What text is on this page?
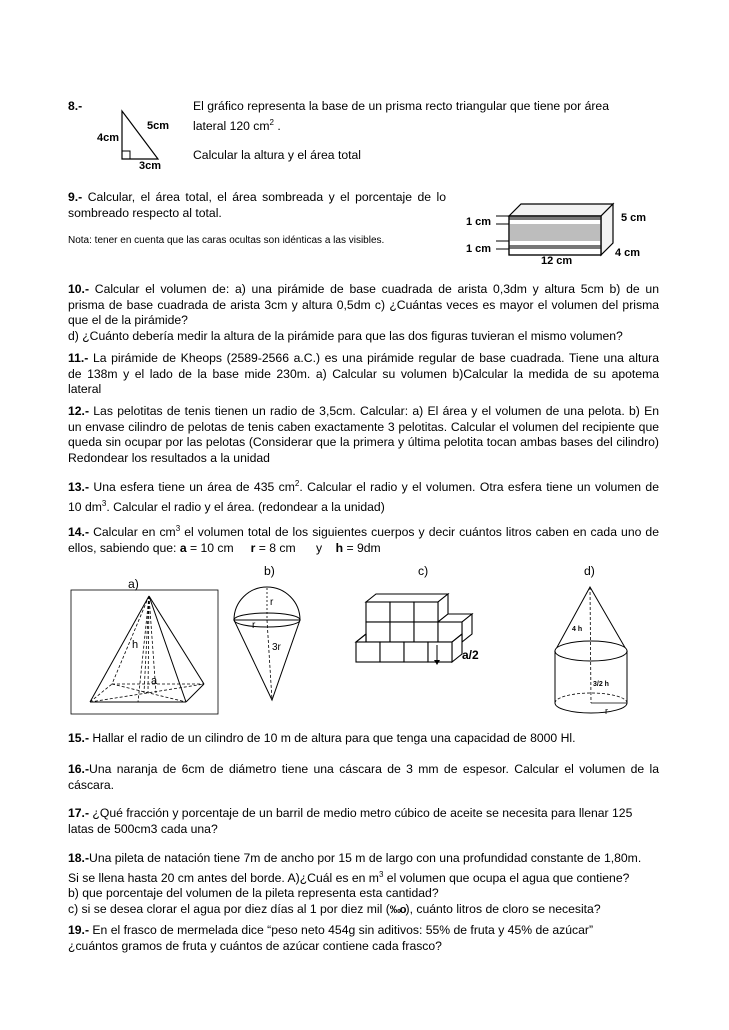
8.-
5cm
4cm
3cm
El gráfico representa la base de un prisma recto triangular que tiene por área
lateral 120 $cm^2$ .
Calcular la altura y el área total
9.- Calcular, el área total, el área sombreada y el porcentaje de lo
sombreado respecto al total.
Nota: tener en cuenta que las caras ocultas son idénticas a las visibles.
1 cm	5 cm
1 cm	4 cm
12 cm
10.- Calcular el volumen de: a) una pirámide de base cuadrada de arista 0,3dm y altura 5cm b) de un
prisma de base cuadrada de arista 3cm y altura 0,5dm c) ¿Cuántas veces es mayor el volumen del prisma
que el de la pirámide?
d) ¿Cuánto debería medir la altura de la pirámide para que las dos figuras tuvieran el mismo volumen?
11.- La pirámide de Kheops (2589-2566 a.C.) es una pirámide regular de base cuadrada. Tiene una altura
de 138m y el lado de la base mide 230m. a) Calcular su volumen b)Calcular la medida de su apotema
lateral
12.- Las pelotitas de tenis tienen un radio de 3,5cm. Calcular: a) El área y el volumen de una pelota. b) En
un envase cilindro de pelotas de tenis caben exactamente 3 pelotitas. Calcular el volumen del recipiente que
queda sin ocupar por las pelotas (Considerar que la primera y última pelotita tocan ambas bases del cilindro)
Redondear los resultados a la unidad
13.- Una esfera tiene un área de 435 $cm^2$. Calcular el radio y el volumen. Otra esfera tiene un volumen de
10 $dm^3$. Calcular el radio y el área. (redondear a la unidad)
14.- Calcular en $cm^3$ el volumen total de los siguientes cuerpos y decir cuántos litros caben en cada uno de
ellos, sabiendo que: a = 10 cm     r = 8 cm      y    h = 9dm
a)
b)	c)	d)
h
a
r
r
3r
a/2
4 h
3/2 h
r
15.- Hallar el radio de un cilindro de 10 m de altura para que tenga una capacidad de 8000 Hl.
16.-Una naranja de 6cm de diámetro tiene una cáscara de 3 mm de espesor. Calcular el volumen de la
cáscara.
17.- ¿Qué fracción y porcentaje de un barril de medio metro cúbico de aceite se necesita para llenar 125
latas de 500cm3 cada una?
18.-Una pileta de natación tiene 7m de ancho por 15 m de largo con una profundidad constante de 1,80m.
Si se llena hasta 20 cm antes del borde. A)¿Cuál es en $m^3$ el volumen que ocupa el agua que contiene?
b) que porcentaje del volumen de la pileta representa esta cantidad?
c) si se desea clorar el agua por diez días al 1 por diez mil (‰o), cuánto litros de cloro se necesita?
19.- En el frasco de mermelada dice “peso neto 454g sin aditivos: 55% de fruta y 45% de azúcar”
¿cuántos gramos de fruta y cuántos de azúcar contiene cada frasco?
